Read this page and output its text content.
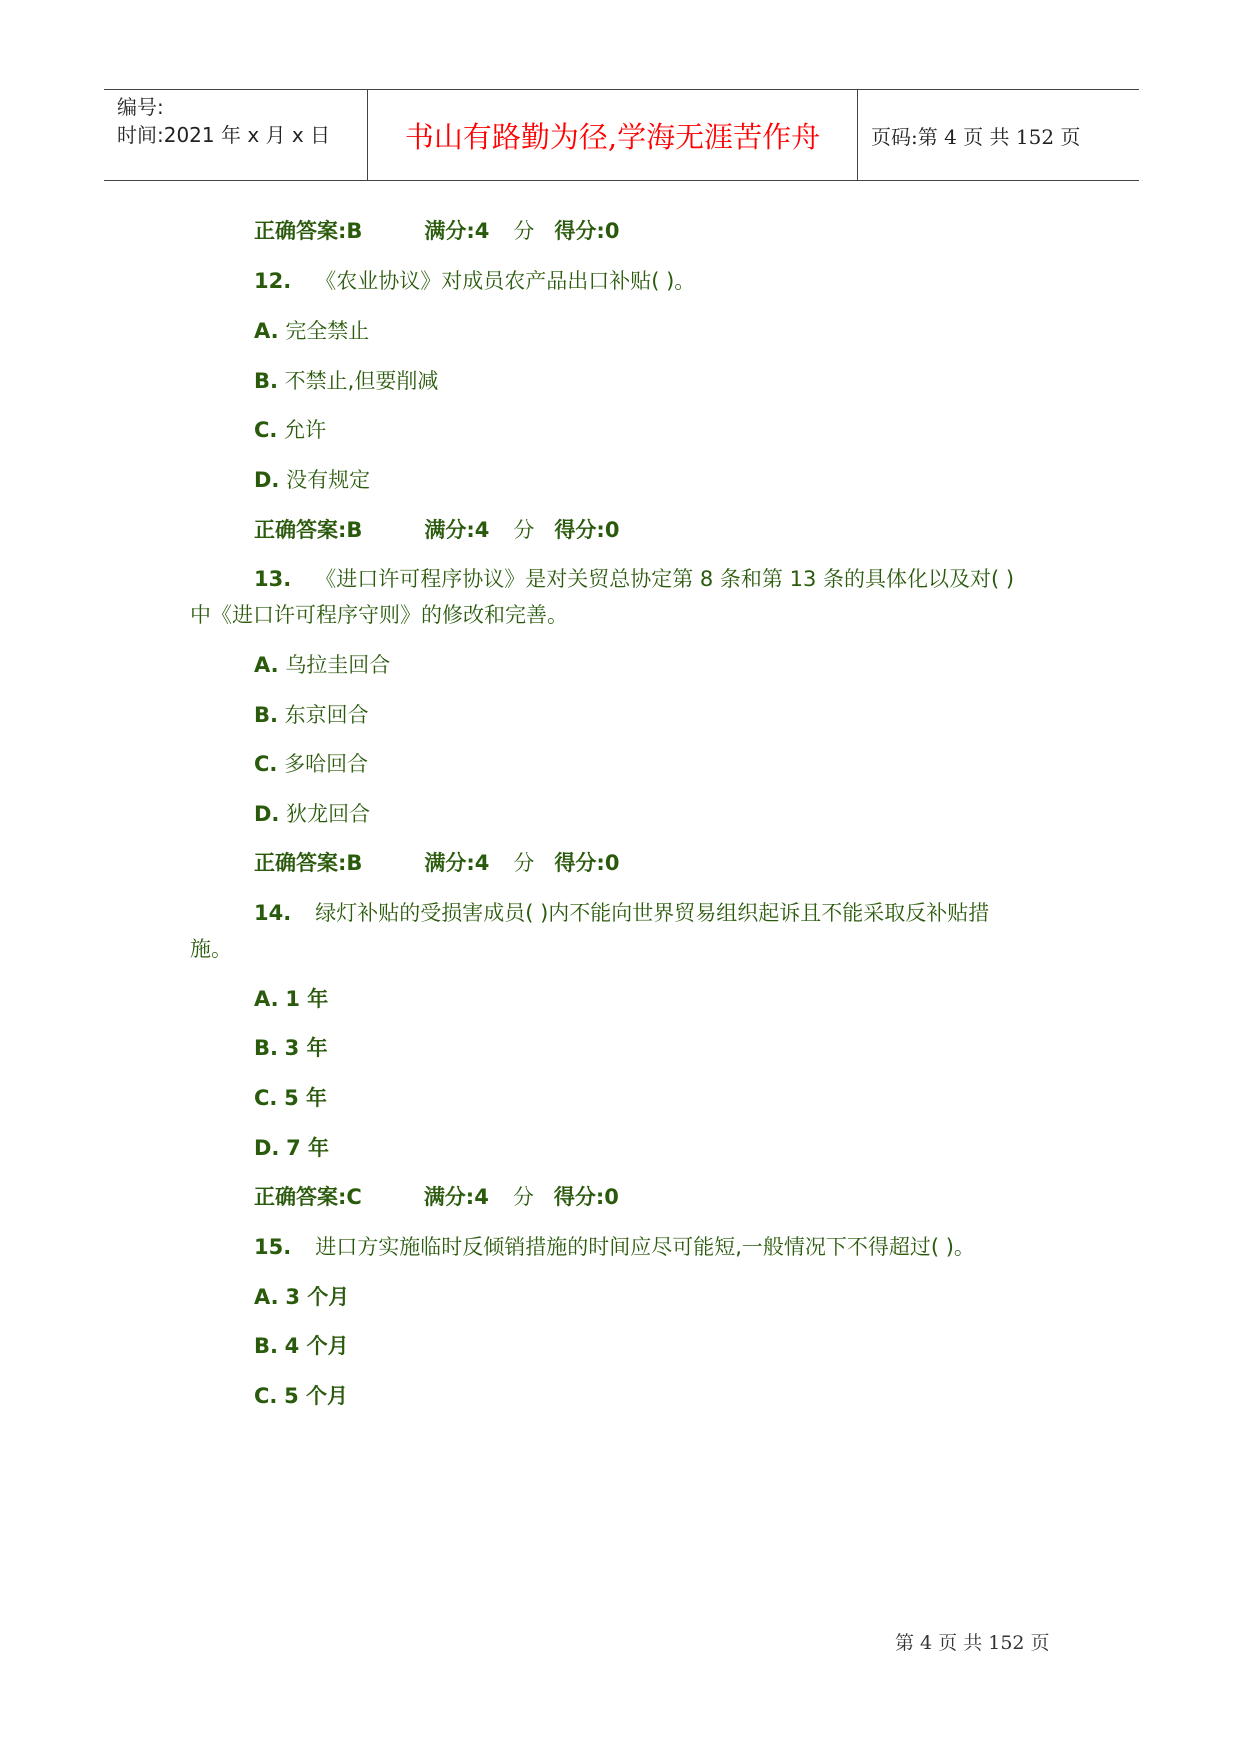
编号:
时间:2021 年 x 月 x 日	书山有路勤为径,学海无涯苦作舟	页码:第 4 页 共 152 页
正确答案:B	满分:4 分 得分:0
12. 《农业协议》对成员农产品出口补贴( )。
A. 完全禁止
B. 不禁止,但要削减
C. 允许
D. 没有规定
正确答案:B	满分:4 分 得分:0
13. 《进口许可程序协议》是对关贸总协定第 8 条和第 13 条的具体化以及对( )
中《进口许可程序守则》的修改和完善。
A. 乌拉圭回合
B. 东京回合
C. 多哈回合
D. 狄龙回合
正确答案:B	满分:4 分 得分:0
14. 绿灯补贴的受损害成员( )内不能向世界贸易组织起诉且不能采取反补贴措
施。
A. 1 年
B. 3 年
C. 5 年
D. 7 年
正确答案:C	满分:4 分 得分:0
15. 进口方实施临时反倾销措施的时间应尽可能短,一般情况下不得超过( )。
A. 3 个月
B. 4 个月
C. 5 个月
第 4 页 共 152 页
